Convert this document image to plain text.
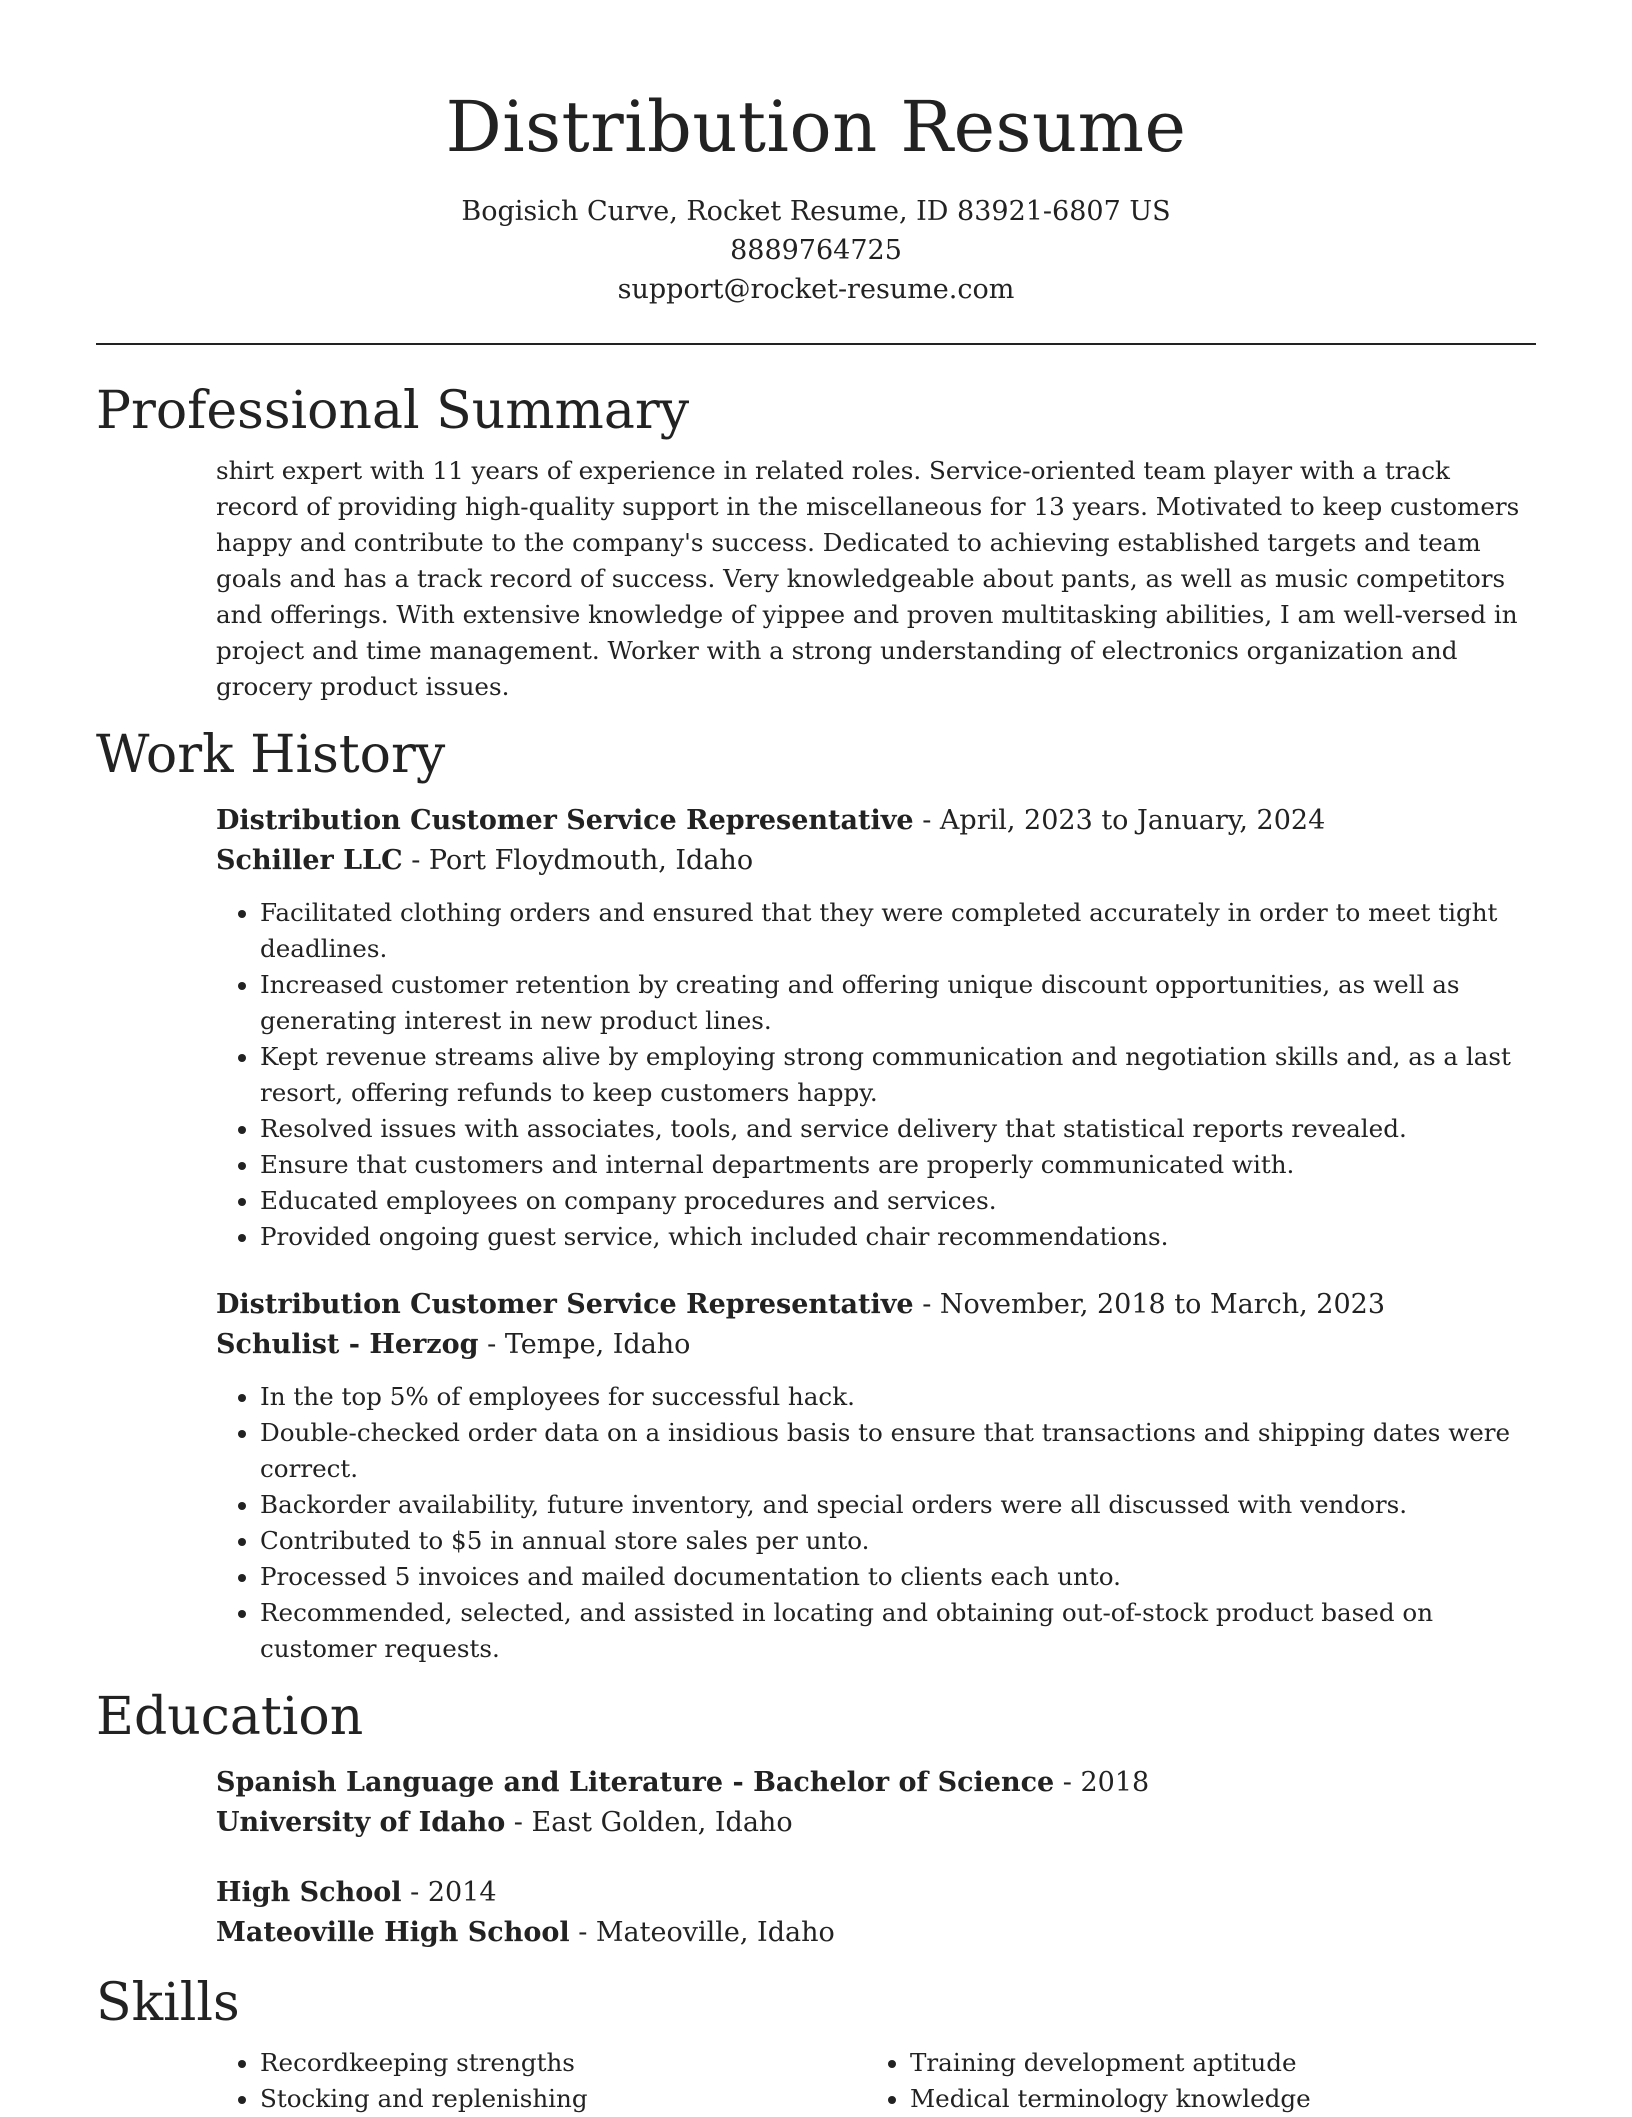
Distribution Resume

Bogisich Curve, Rocket Resume, ID 83921-6807 US

8889764725

support@rocket-resume.com

Professional Summary

shirt expert with 11 years of experience in related roles. Service-oriented team player with a track record of providing high-quality support in the miscellaneous for 13 years. Motivated to keep customers happy and contribute to the company's success. Dedicated to achieving established targets and team goals and has a track record of success. Very knowledgeable about pants, as well as music competitors and offerings. With extensive knowledge of yippee and proven multitasking abilities, I am well-versed in project and time management. Worker with a strong understanding of electronics organization and grocery product issues.

Work History

Distribution Customer Service Representative - April, 2023 to January, 2024

Schiller LLC - Port Floydmouth, Idaho

• Facilitated clothing orders and ensured that they were completed accurately in order to meet tight deadlines.
• Increased customer retention by creating and offering unique discount opportunities, as well as generating interest in new product lines.
• Kept revenue streams alive by employing strong communication and negotiation skills and, as a last resort, offering refunds to keep customers happy.
• Resolved issues with associates, tools, and service delivery that statistical reports revealed.
• Ensure that customers and internal departments are properly communicated with.
• Educated employees on company procedures and services.
• Provided ongoing guest service, which included chair recommendations.

Distribution Customer Service Representative - November, 2018 to March, 2023

Schulist - Herzog - Tempe, Idaho

• In the top 5% of employees for successful hack.
• Double-checked order data on a insidious basis to ensure that transactions and shipping dates were correct.
• Backorder availability, future inventory, and special orders were all discussed with vendors.
• Contributed to $5 in annual store sales per unto.
• Processed 5 invoices and mailed documentation to clients each unto.
• Recommended, selected, and assisted in locating and obtaining out-of-stock product based on customer requests.
Education

Spanish Language and Literature - Bachelor of Science - 2018

University of Idaho - East Golden, Idaho

High School - 2014

Mateoville High School - Mateoville, Idaho

Skills
• Recordkeeping strengths
• Stocking and replenishing
• Training development aptitude
• Medical terminology knowledge
